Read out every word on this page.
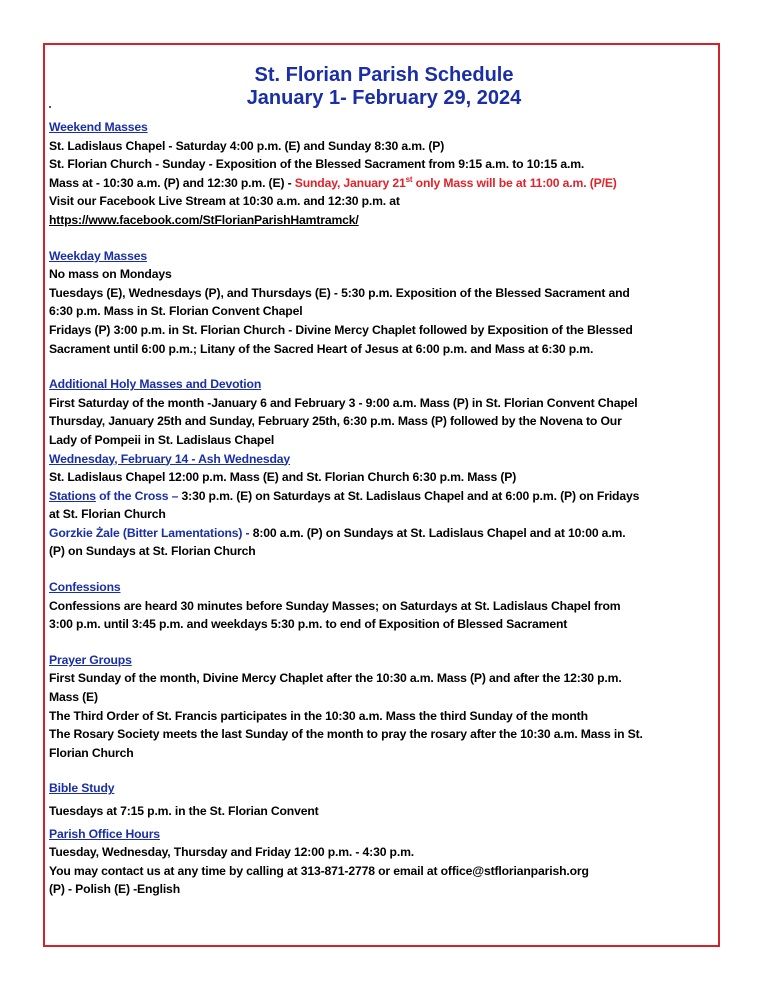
St. Florian Parish Schedule
January 1- February 29, 2024

Weekend Masses

St. Ladislaus Chapel - Saturday 4:00 p.m. (E) and Sunday 8:30 a.m. (P)

St. Florian Church - Sunday - Exposition of the Blessed Sacrament from 9:15 a.m. to 10:15 a.m.

Mass at - 10:30 a.m. (P) and 12:30 p.m. (E) - Sunday, January 21st only Mass will be at 11:00 a.m. (P/E)

Visit our Facebook Live Stream at 10:30 a.m. and 12:30 p.m. at

https://www.facebook.com/StFlorianParishHamtramck/

Weekday Masses

No mass on Mondays

Tuesdays (E), Wednesdays (P), and Thursdays (E) - 5:30 p.m. Exposition of the Blessed Sacrament and

6:30 p.m. Mass in St. Florian Convent Chapel

Fridays (P) 3:00 p.m. in St. Florian Church - Divine Mercy Chaplet followed by Exposition of the Blessed

Sacrament until 6:00 p.m.; Litany of the Sacred Heart of Jesus at 6:00 p.m. and Mass at 6:30 p.m.

Additional Holy Masses and Devotion

First Saturday of the month -January 6 and February 3 - 9:00 a.m. Mass (P) in St. Florian Convent Chapel

Thursday, January 25th and Sunday, February 25th, 6:30 p.m. Mass (P) followed by the Novena to Our

Lady of Pompeii in St. Ladislaus Chapel

Wednesday, February 14 - Ash Wednesday

St. Ladislaus Chapel 12:00 p.m. Mass (E) and St. Florian Church 6:30 p.m. Mass (P)

Stations of the Cross – 3:30 p.m. (E) on Saturdays at St. Ladislaus Chapel and at 6:00 p.m. (P) on Fridays

at St. Florian Church

Gorzkie Żale (Bitter Lamentations) - 8:00 a.m. (P) on Sundays at St. Ladislaus Chapel and at 10:00 a.m.

(P) on Sundays at St. Florian Church

Confessions

Confessions are heard 30 minutes before Sunday Masses; on Saturdays at St. Ladislaus Chapel from

3:00 p.m. until 3:45 p.m. and weekdays 5:30 p.m. to end of Exposition of Blessed Sacrament

Prayer Groups

First Sunday of the month, Divine Mercy Chaplet after the 10:30 a.m. Mass (P) and after the 12:30 p.m.

Mass (E)

The Third Order of St. Francis participates in the 10:30 a.m. Mass the third Sunday of the month

The Rosary Society meets the last Sunday of the month to pray the rosary after the 10:30 a.m. Mass in St.

Florian Church

Bible Study

Tuesdays at 7:15 p.m. in the St. Florian Convent

Parish Office Hours

Tuesday, Wednesday, Thursday and Friday 12:00 p.m. - 4:30 p.m.

You may contact us at any time by calling at 313-871-2778 or email at office@stflorianparish.org

(P) - Polish (E) -English
